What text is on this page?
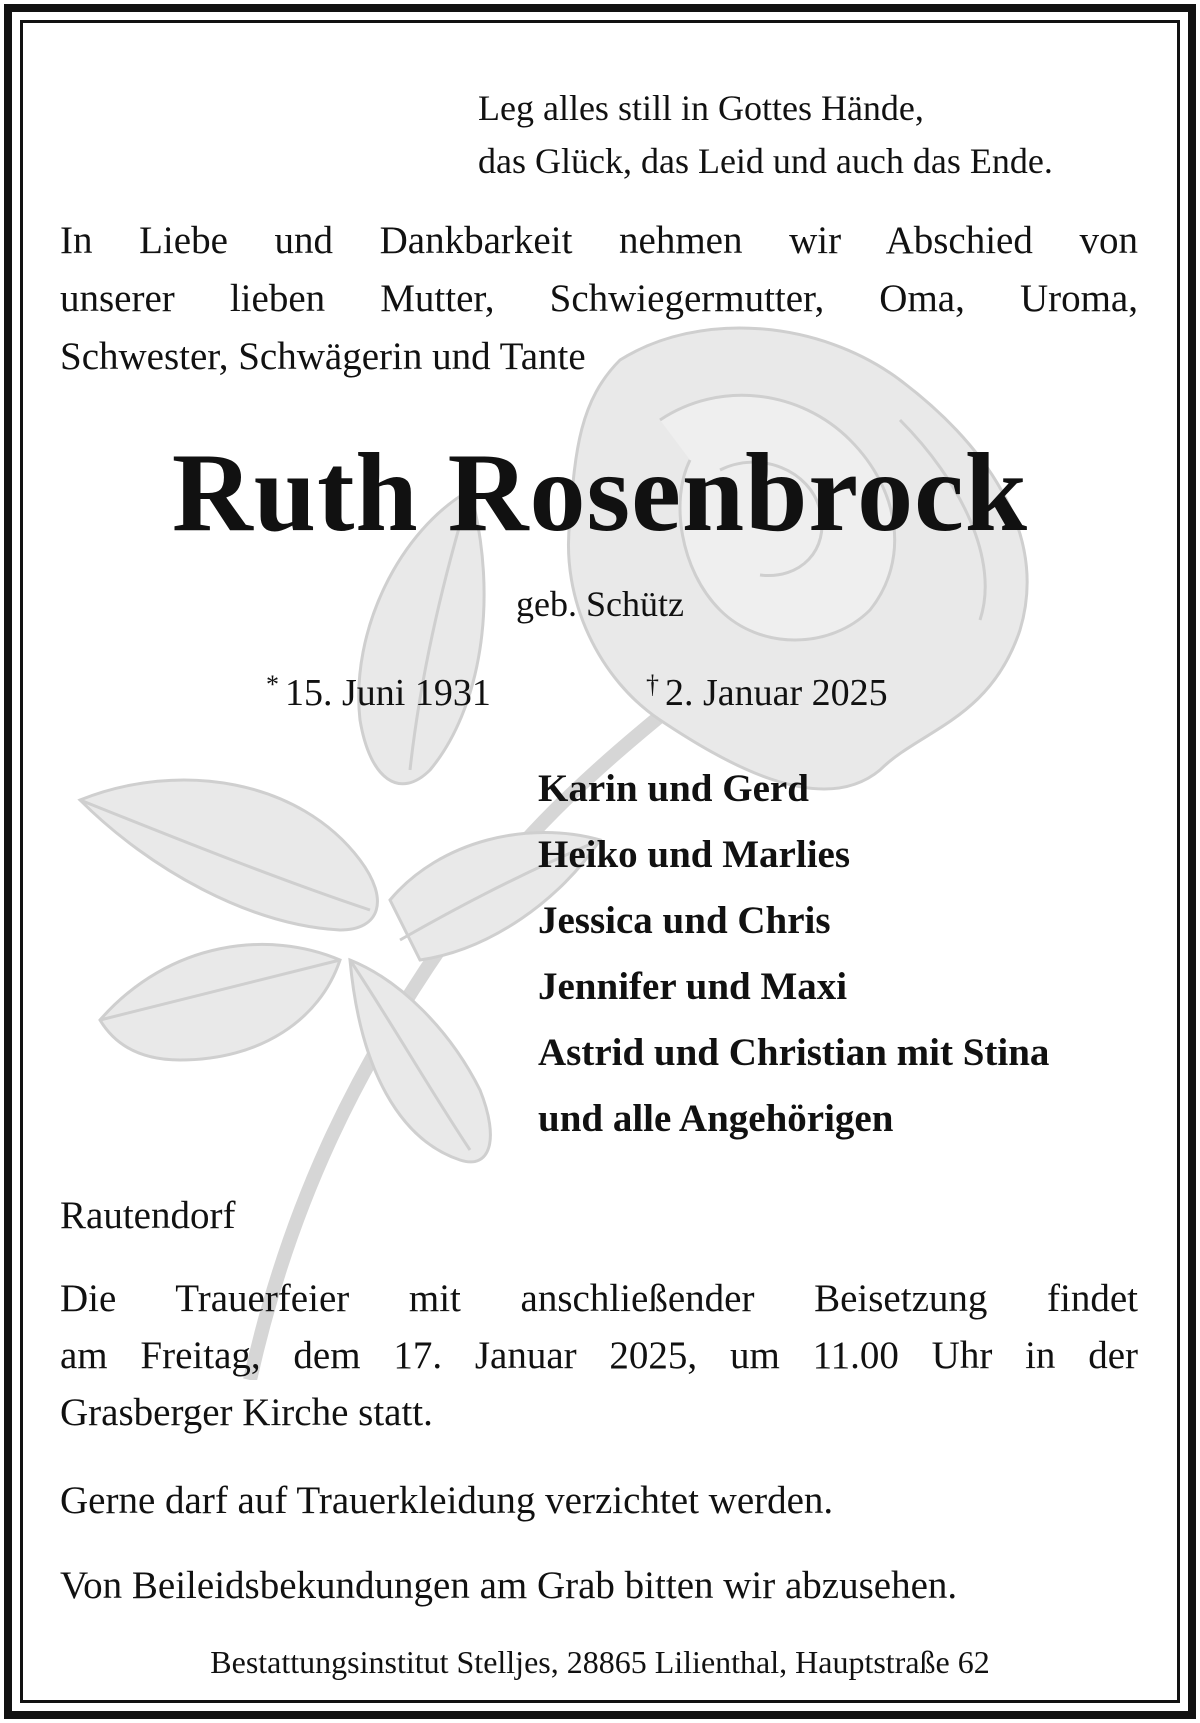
Leg alles still in Gottes Hände,
das Glück, das Leid und auch das Ende.
In Liebe und Dankbarkeit nehmen wir Abschied von
unserer lieben Mutter, Schwiegermutter, Oma, Uroma,
Schwester, Schwägerin und Tante
Ruth Rosenbrock
geb. Schütz
* 15. Juni 1931	† 2. Januar 2025
Karin und Gerd
Heiko und Marlies
Jessica und Chris
Jennifer und Maxi
Astrid und Christian mit Stina
und alle Angehörigen
Rautendorf
Die Trauerfeier mit anschließender Beisetzung findet
am Freitag, dem 17. Januar 2025, um 11.00 Uhr in der
Grasberger Kirche statt.
Gerne darf auf Trauerkleidung verzichtet werden.
Von Beileidsbekundungen am Grab bitten wir abzusehen.
Bestattungsinstitut Stelljes, 28865 Lilienthal, Hauptstraße 62
